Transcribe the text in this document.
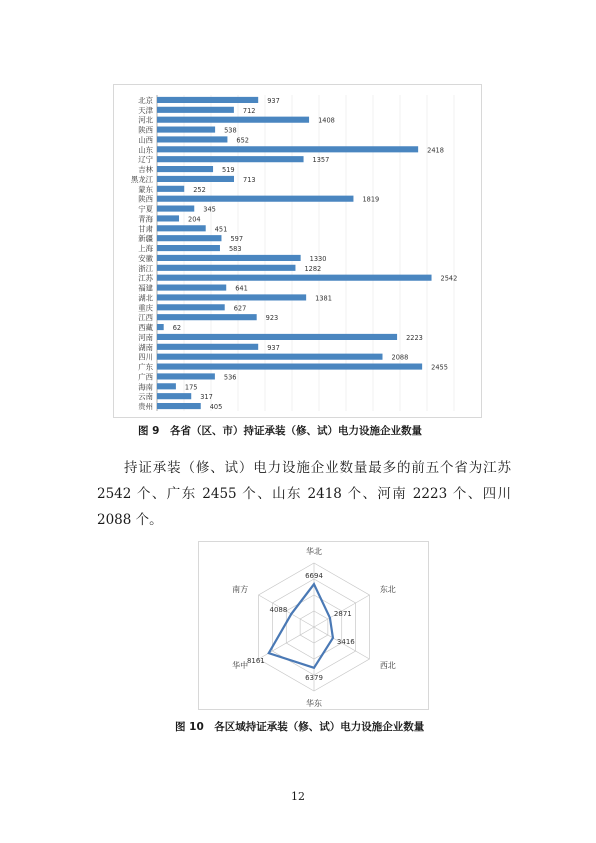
北京	937
天津	712
河北	1408
陕西	538
山西	652
山东	2418
辽宁	1357
吉林	519
黑龙江	713
蒙东	252
陕西	1819
宁夏	345
青海	204
甘肃	451
新疆	597
上海	583
安徽	1330
浙江	1282
江苏	2542
福建	641
湖北	1381
重庆	627
江西	923
西藏	62
河南	2223
湖南	937
四川	2088
广东	2455
广西	536
海南	175
云南	317
贵州	405
图 9　各省（区、市）持证承装（修、试）电力设施企业数量

持证承装（修、试）电力设施企业数量最多的前五个省为江苏 2542 个、广东 2455 个、山东 2418 个、河南 2223 个、四川 2088 个。

华北
东北
西北
华东
华中
南方
6694
2871
3416
6379
8161
4088
图 10　各区域持证承装（修、试）电力设施企业数量
12
